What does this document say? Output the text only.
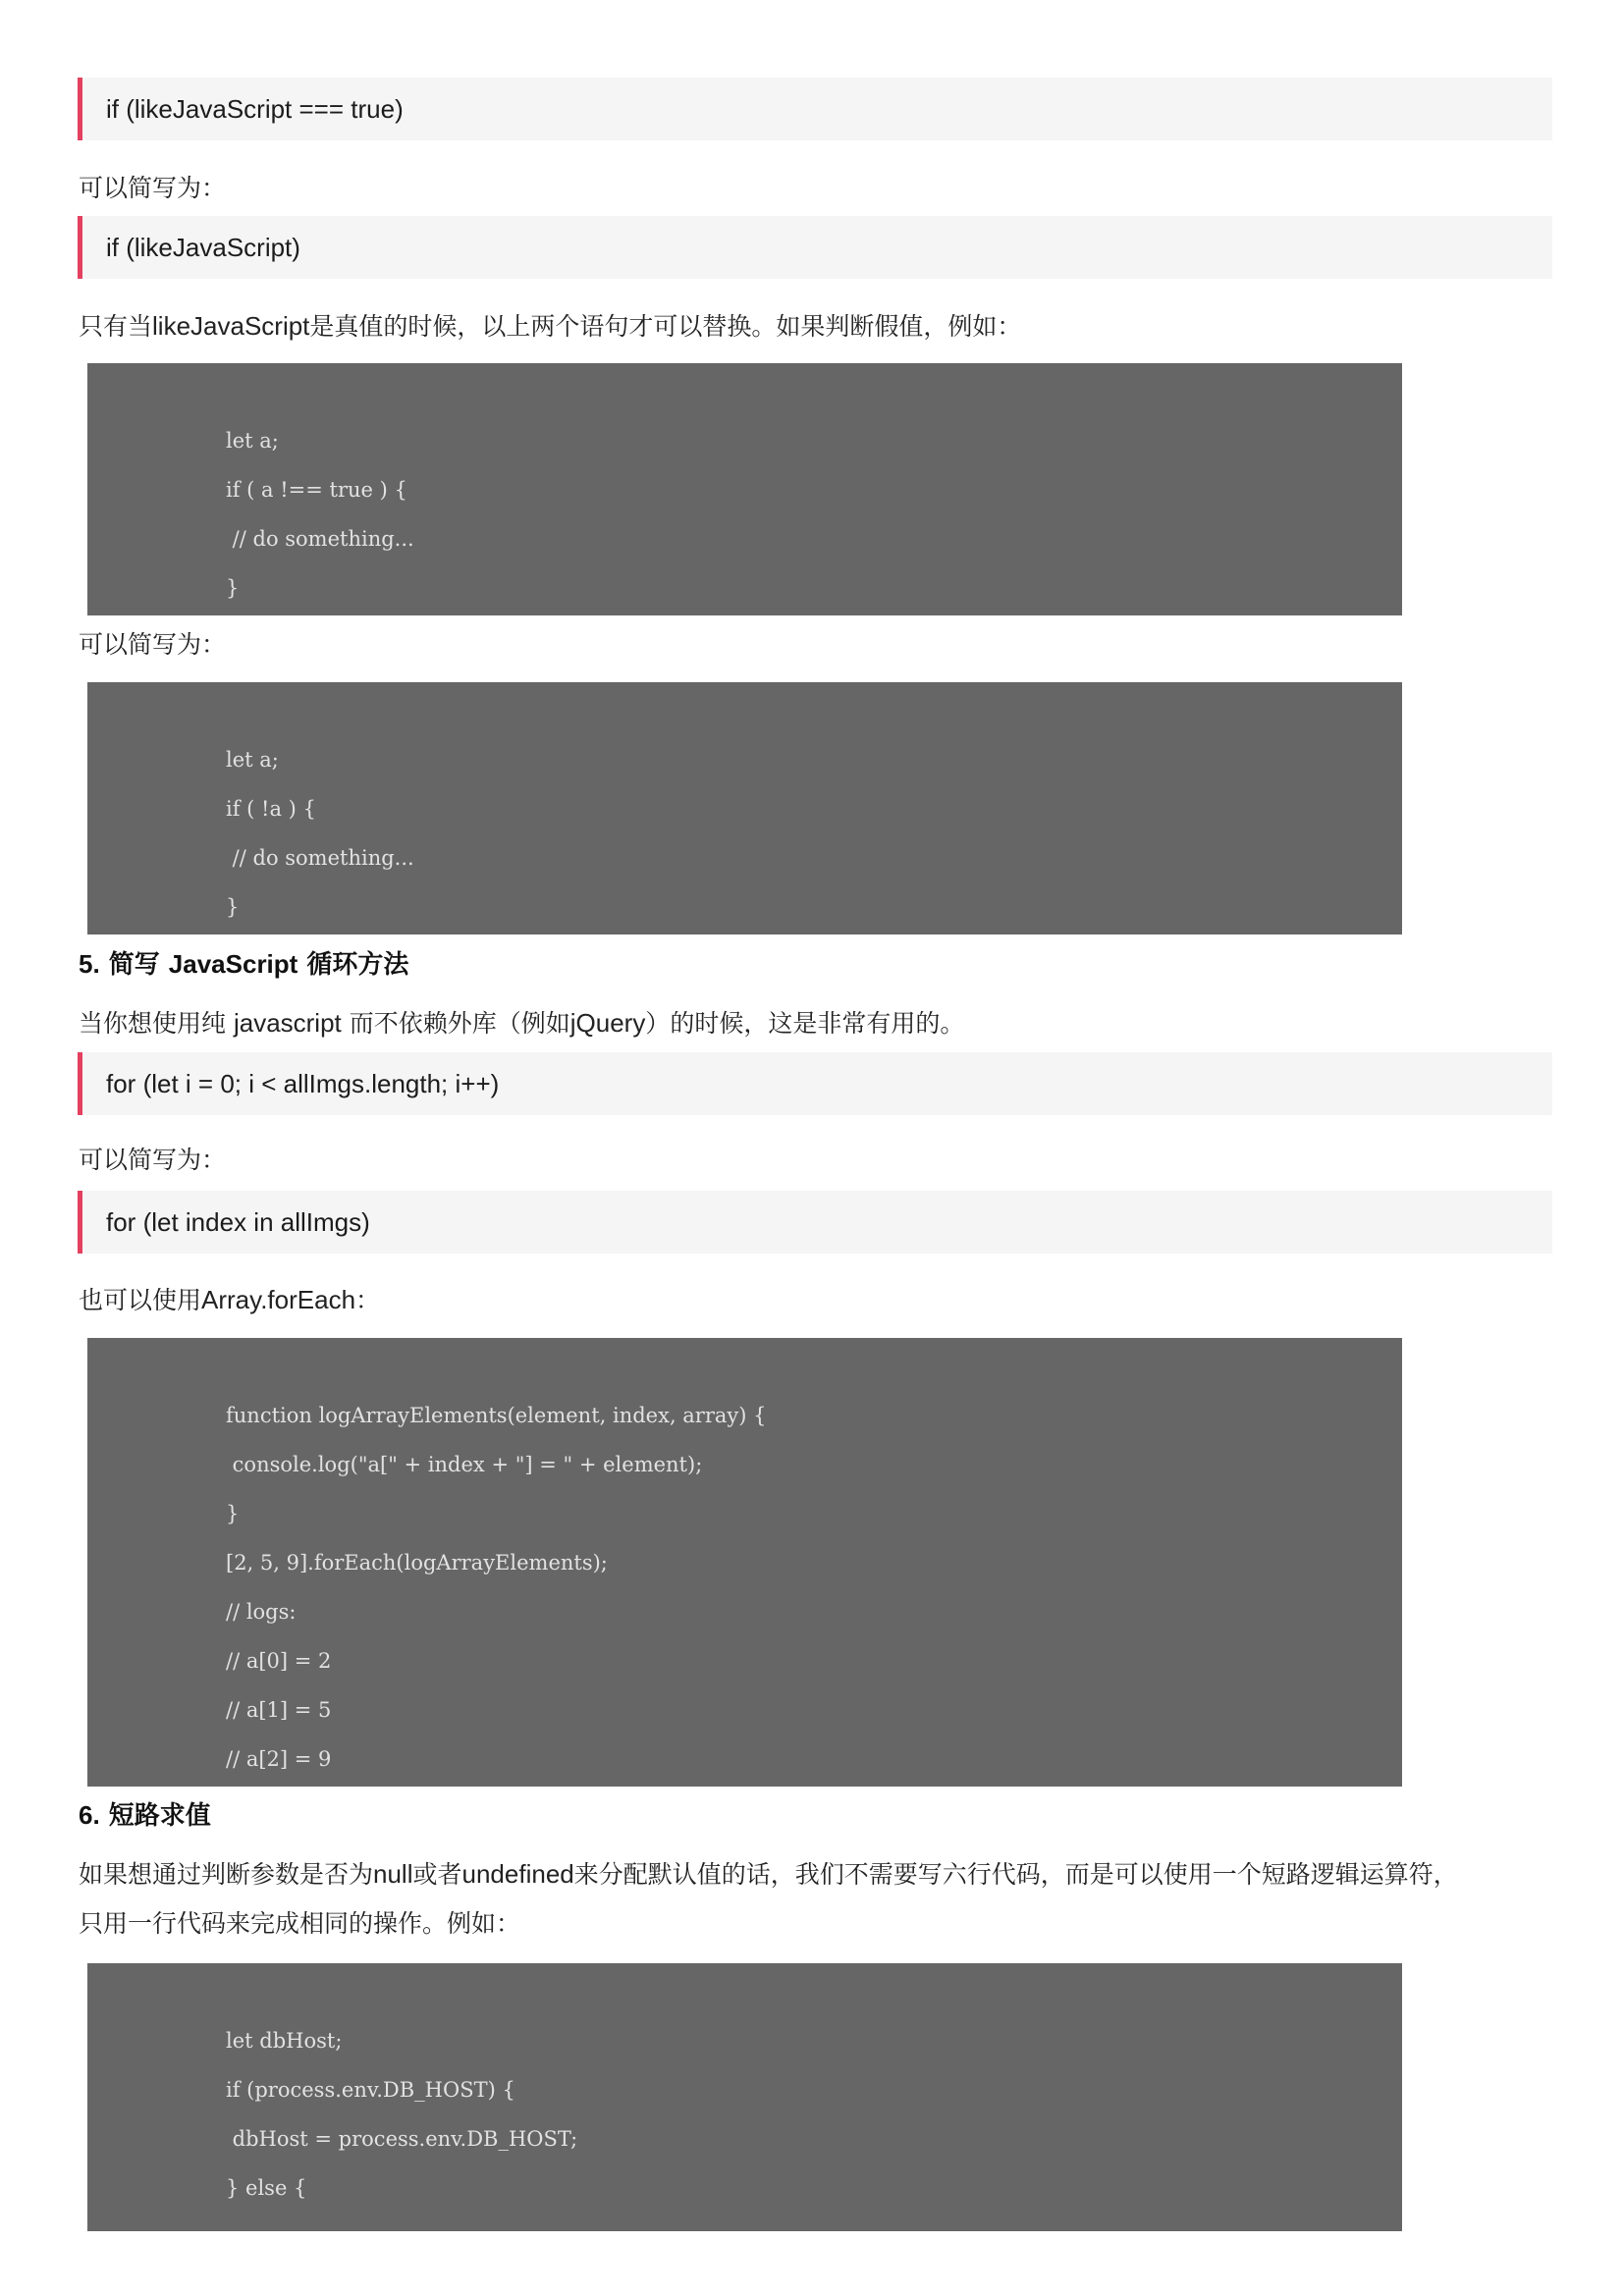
if (likeJavaScript === true)
可以简写为：
if (likeJavaScript)
只有当likeJavaScript是真值的时候，以上两个语句才可以替换。如果判断假值，例如：
let a;
if ( a !== true ) {
// do something...
}
可以简写为：
let a;
if ( !a ) {
// do something...
}
5. 简写 JavaScript 循环方法
当你想使用纯 javascript 而不依赖外库（例如jQuery）的时候，这是非常有用的。
for (let i = 0; i < allImgs.length; i++)
可以简写为：
for (let index in allImgs)
也可以使用Array.forEach：
function logArrayElements(element, index, array) {
console.log("a[" + index + "] = " + element);
}
[2, 5, 9].forEach(logArrayElements);
// logs:
// a[0] = 2
// a[1] = 5
// a[2] = 9
6. 短路求值
如果想通过判断参数是否为null或者undefined来分配默认值的话，我们不需要写六行代码，而是可以使用一个短路逻辑运算符，
只用一行代码来完成相同的操作。例如：
let dbHost;
if (process.env.DB_HOST) {
dbHost = process.env.DB_HOST;
} else {
